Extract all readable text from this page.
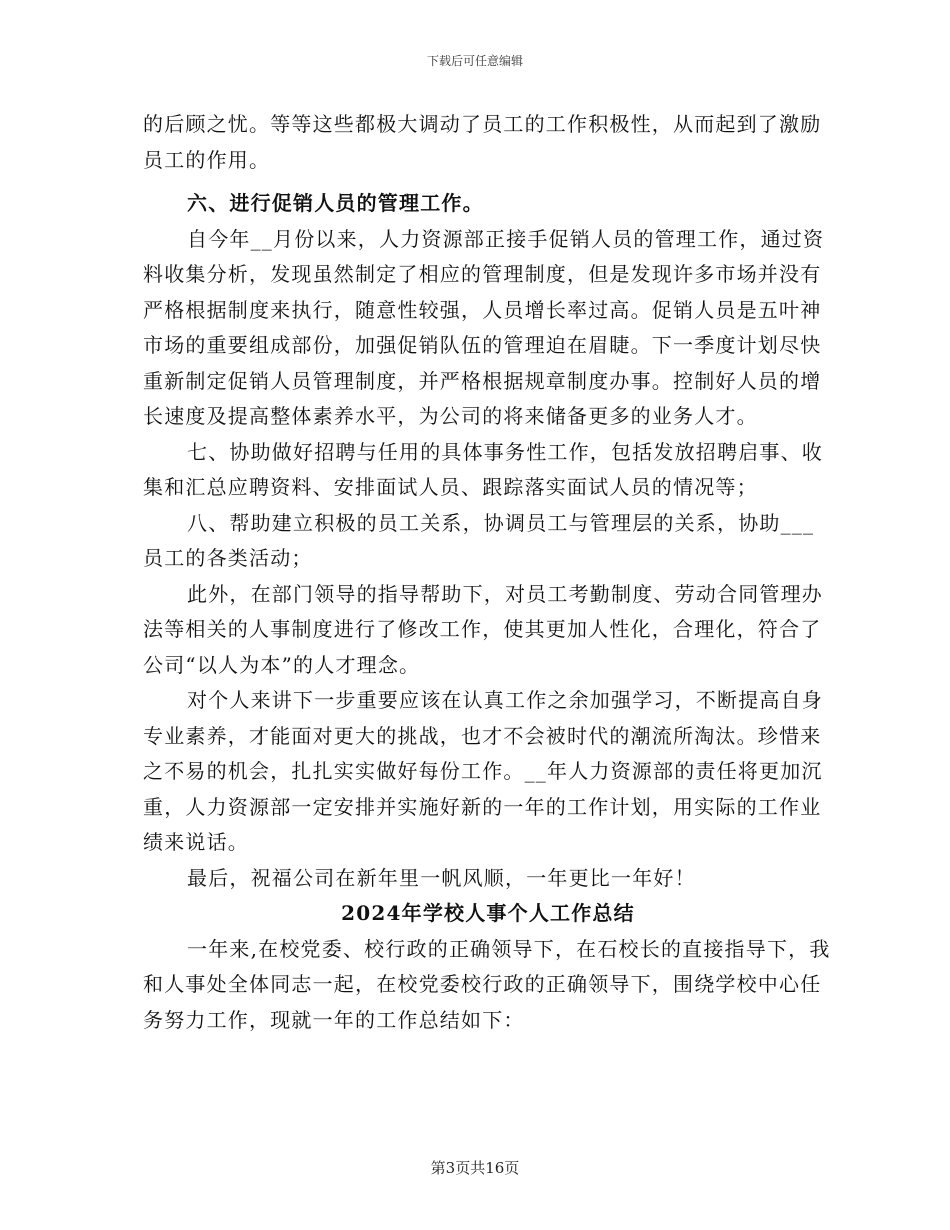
下载后可任意编辑

的后顾之忧。等等这些都极大调动了员工的工作积极性，从而起到了激励员工的作用。

六、进行促销人员的管理工作。

自今年__月份以来，人力资源部正接手促销人员的管理工作，通过资料收集分析，发现虽然制定了相应的管理制度，但是发现许多市场并没有严格根据制度来执行，随意性较强，人员增长率过高。促销人员是五叶神市场的重要组成部份，加强促销队伍的管理迫在眉睫。下一季度计划尽快重新制定促销人员管理制度，并严格根据规章制度办事。控制好人员的增长速度及提高整体素养水平，为公司的将来储备更多的业务人才。

七、协助做好招聘与任用的具体事务性工作，包括发放招聘启事、收集和汇总应聘资料、安排面试人员、跟踪落实面试人员的情况等；

八、帮助建立积极的员工关系，协调员工与管理层的关系，协助___员工的各类活动；

此外，在部门领导的指导帮助下，对员工考勤制度、劳动合同管理办法等相关的人事制度进行了修改工作，使其更加人性化，合理化，符合了公司“以人为本”的人才理念。

对个人来讲下一步重要应该在认真工作之余加强学习，不断提高自身专业素养，才能面对更大的挑战，也才不会被时代的潮流所淘汰。珍惜来之不易的机会，扎扎实实做好每份工作。__年人力资源部的责任将更加沉重，人力资源部一定安排并实施好新的一年的工作计划，用实际的工作业绩来说话。

最后，祝福公司在新年里一帆风顺，一年更比一年好！

2024年学校人事个人工作总结

一年来,在校党委、校行政的正确领导下，在石校长的直接指导下，我和人事处全体同志一起，在校党委校行政的正确领导下，围绕学校中心任务努力工作，现就一年的工作总结如下：

第3页共16页
